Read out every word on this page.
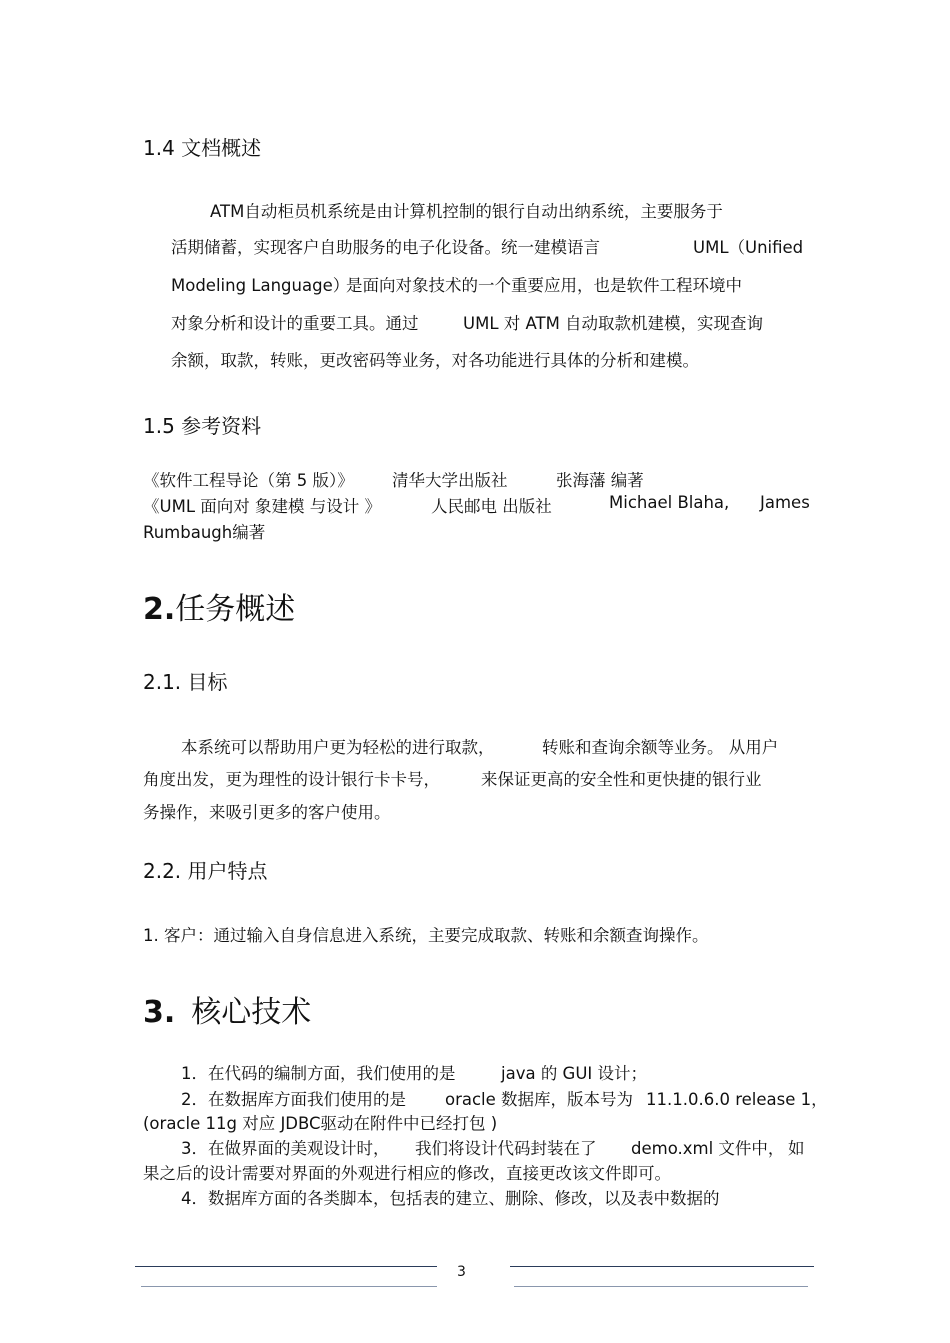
1.4 文档概述
ATM自动柜员机系统是由计算机控制的银行自动出纳系统，主要服务于
活期储蓄，实现客户自助服务的电子化设备。统一建模语言	UML（Unified
Modeling Language）
是面向对象技术的一个重要应用，也是软件工程环境中
对象分析和设计的重要工具。通过	UML 对 ATM 自动取款机建模，实现查询
余额，取款，转账，更改密码等业务，对各功能进行具体的分析和建模。
1.5 参考资料
《软件工程导论（第 5 版）》 清华大学出版社	张海藩 编著
《UML 面向对 象建模 与设计 》	人民邮电 出版社	Michael Blaha, James
Rumbaugh编著
2.任务概述
2.1. 目标
本系统可以帮助用户更为轻松的进行取款，	转账和查询余额等业务。 从用户
角度出发，更为理性的设计银行卡卡号， 来保证更高的安全性和更快捷的银行业
务操作，来吸引更多的客户使用。
2.2. 用户特点
1. 客户：通过输入自身信息进入系统，主要完成取款、转账和余额查询操作。
3. 核心技术
1．在代码的编制方面，我们使用的是	java 的 GUI 设计；
2．在数据库方面我们使用的是 oracle 数据库，版本号为 11.1.0.6.0 release 1，
(oracle 11g 对应 JDBC驱动在附件中已经打包 )
3．在做界面的美观设计时， 我们将设计代码封装在了 demo.xml 文件中， 如
果之后的设计需要对界面的外观进行相应的修改，直接更改该文件即可。
4．数据库方面的各类脚本，包括表的建立、删除、修改，以及表中数据的
3
